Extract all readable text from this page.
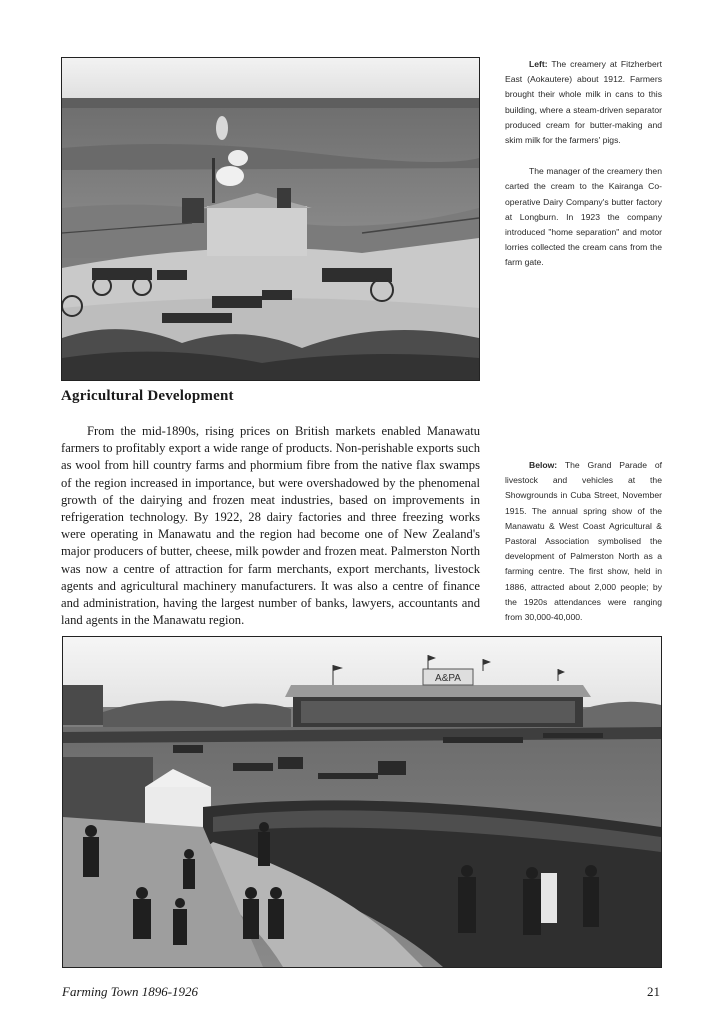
Left: The creamery at Fitzherbert East (Aokautere) about 1912. Farmers brought their whole milk in cans to this building, where a steam-driven separator produced cream for butter-making and skim milk for the farmers' pigs.

The manager of the creamery then carted the cream to the Kairanga Co-operative Dairy Company's butter factory at Longburn. In 1923 the company introduced "home separation" and motor lorries collected the cream cans from the farm gate.

Agricultural Development

From the mid-1890s, rising prices on British markets enabled Manawatu farmers to profitably export a wide range of products. Non-perishable exports such as wool from hill country farms and phormium fibre from the native flax swamps of the region increased in importance, but were overshadowed by the phenomenal growth of the dairying and frozen meat industries, based on improvements in refrigeration technology. By 1922, 28 dairy factories and three freezing works were operating in Manawatu and the region had become one of New Zealand's major producers of butter, cheese, milk powder and frozen meat. Palmerston North was now a centre of attraction for farm merchants, export merchants, livestock agents and agricultural machinery manufacturers. It was also a centre of finance and administration, having the largest number of banks, lawyers, accountants and land agents in the Manawatu region.

Below: The Grand Parade of livestock and vehicles at the Showgrounds in Cuba Street, November 1915. The annual spring show of the Manawatu & West Coast Agricultural & Pastoral Association symbolised the development of Palmerston North as a farming centre. The first show, held in 1886, attracted about 2,000 people; by the 1920s attendances were ranging from 30,000-40,000.

A&PA
Farming Town 1896-1926	21
